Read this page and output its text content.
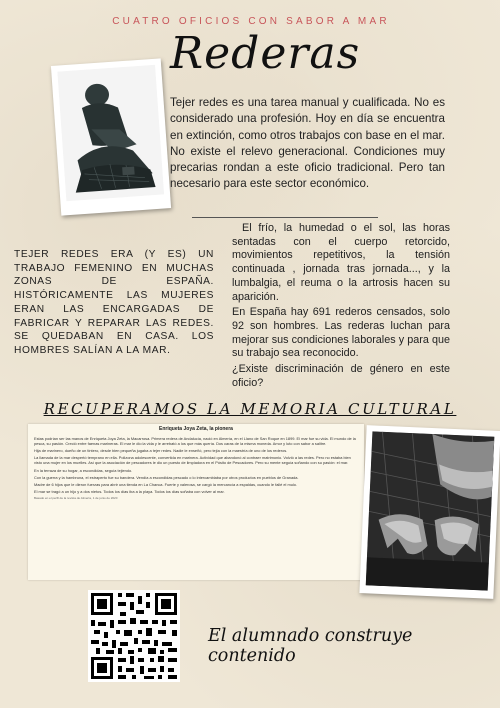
CUATRO OFICIOS CON SABOR A MAR
Rederas
Tejer redes es una tarea manual y cualificada. No es considerado una profesión. Hoy en día se encuentra en extinción, como otros trabajos con base en el mar. No existe el relevo generacional. Condiciones muy precarias rondan a este oficio tradicional. Pero tan necesario para este sector económico.

El frío, la humedad o el sol, las horas sentadas con el cuerpo retorcido, movimientos repetitivos, la tensión continuada , jornada tras jornada..., y la lumbalgia, el reuma o la artrosis hacen su aparición.

En España hay 691 rederos censados, solo 92 son hombres. Las rederas luchan para mejorar sus condiciones laborales y para que su trabajo sea reconocido.

¿Existe discriminación de género en este oficio?

TEJER REDES ERA (Y ES) UN TRABAJO FEMENINO EN MUCHAS ZONAS DE ESPAÑA. HISTÓRICAMENTE LAS MUJERES ERAN LAS ENCARGADAS DE FABRICAR Y REPARAR LAS REDES. SE QUEDABAN EN CASA. LOS HOMBRES SALÍAN A LA MAR.
RECUPERAMOS LA MEMORIA CULTURAL
Enriqueta Joya Zeta, la pionera

Estas podrían ser las manos de Enriqueta Joya Zeta, la Macarrosa. Primera redera de Andalucía, nació en Almería, en el Llano de San Roque en 1899. El mar fue su vida. El mundo de la pesca, su pasión. Creció entre faenas marineras. El mar le dio la vida y le arrebató a los que más quería. Dos caras de la misma moneda. Amor y luto con sabor a salitre.

Hija de marinero, dueño de un tintero, desde bien pequeña jugaba a tejer redes. Nadie le enseñó, pero tejía con la maestría de uno de los rederos.

La llamada de la mar despertó temprano en ella. Polizona adolescente, convertida en marinera. Actividad que abandonó al contraer matrimonio. Volvió a las redes. Pero no estaba bien visto una mujer en los muelles. Así que la asociación de pescadores le dio un puesto de limpiadora en el Pósito de Pescadores. Pero su mente seguía soñando con su pasión: el mar.

En la terraza de su hogar, a escondidas, seguía tejiendo.

Con la guerra y la hambruna, el estraperto fue su bandera. Vendía a escondidas pescado o lo intercambiaba por otros productos en pueblos de Granada.

Madre de 6 hijos que le dieron fuerzas para abrir una tienda en La Chanca. Fuerte y valerosa, se cargó la mercancía a espaldas, cuando le fallé el mulo.

El mar se tragó a un hijo y a dos nietos. Todos los días iba a la playa. Todos los días soñaba con volver al mar.

Basado en el perfil de la revista de Almería, 1 de junio de 2020

El alumnado construye contenido
